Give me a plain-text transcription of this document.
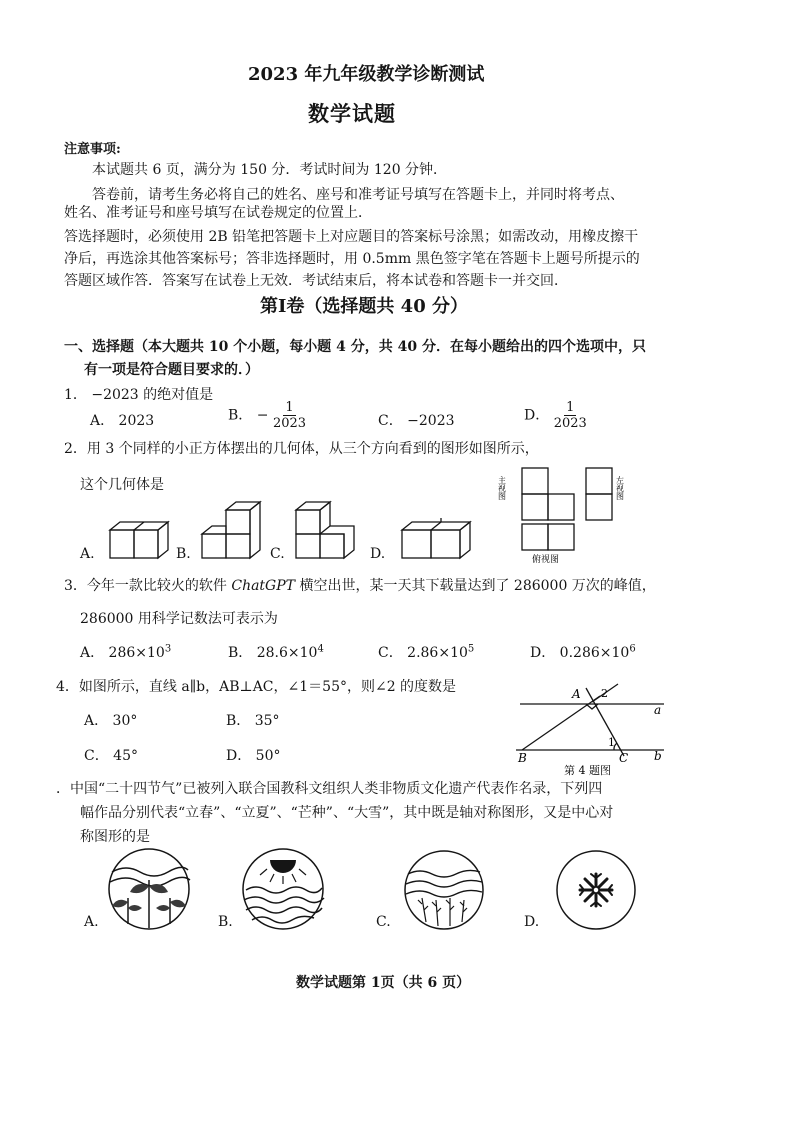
2023 年九年级教学诊断测试
数学试题
注意事项:
本试题共 6 页，满分为 150 分．考试时间为 120 分钟．
答卷前，请考生务必将自己的姓名、座号和准考证号填写在答题卡上，并同时将考点、
姓名、准考证号和座号填写在试卷规定的位置上．
答选择题时，必须使用 2B 铅笔把答题卡上对应题目的答案标号涂黑；如需改动，用橡皮擦干
净后，再选涂其他答案标号；答非选择题时，用 0.5mm 黑色签字笔在答题卡上题号所提示的
答题区域作答．答案写在试卷上无效．考试结束后，将本试卷和答题卡一并交回．
第Ⅰ卷（选择题共 40 分）
一、选择题（本大题共 10 个小题，每小题 4 分，共 40 分．在每小题给出的四个选项中，只
有一项是符合题目要求的．）
1． −2023 的绝对值是
A． 2023	B． − $\frac{1}{2023}$	C． −2023	D． $\frac{1}{2023}$
2．用 3 个同样的小正方体摆出的几何体，从三个方向看到的图形如图所示，
这个几何体是	主视图	左视图
俯视图
A.	B.	C.	D.
3．今年一款比较火的软件 ChatGPT 横空出世，某一天其下载量达到了 286000 万次的峰值，
286000 用科学记数法可表示为
A． $286\times 10^3$	B． $28.6\times 10^4$	C． $2.86\times 10^5$	D． $0.286\times 10^6$
4．如图所示，直线 a∥b，AB⊥AC，∠1＝55°，则∠2 的度数是
A． 30°	B． 35°
C． 45°	D． 50°
A 2
a
b
B	C
1
第 4 题图
．中国“二十四节气”已被列入联合国教科文组织人类非物质文化遗产代表作名录，下列四
幅作品分别代表“立春”、“立夏”、“芒种”、“大雪”，其中既是轴对称图形，又是中心对
称图形的是
A.	B.	C.	D.
数学试题第 1页（共 6 页）
